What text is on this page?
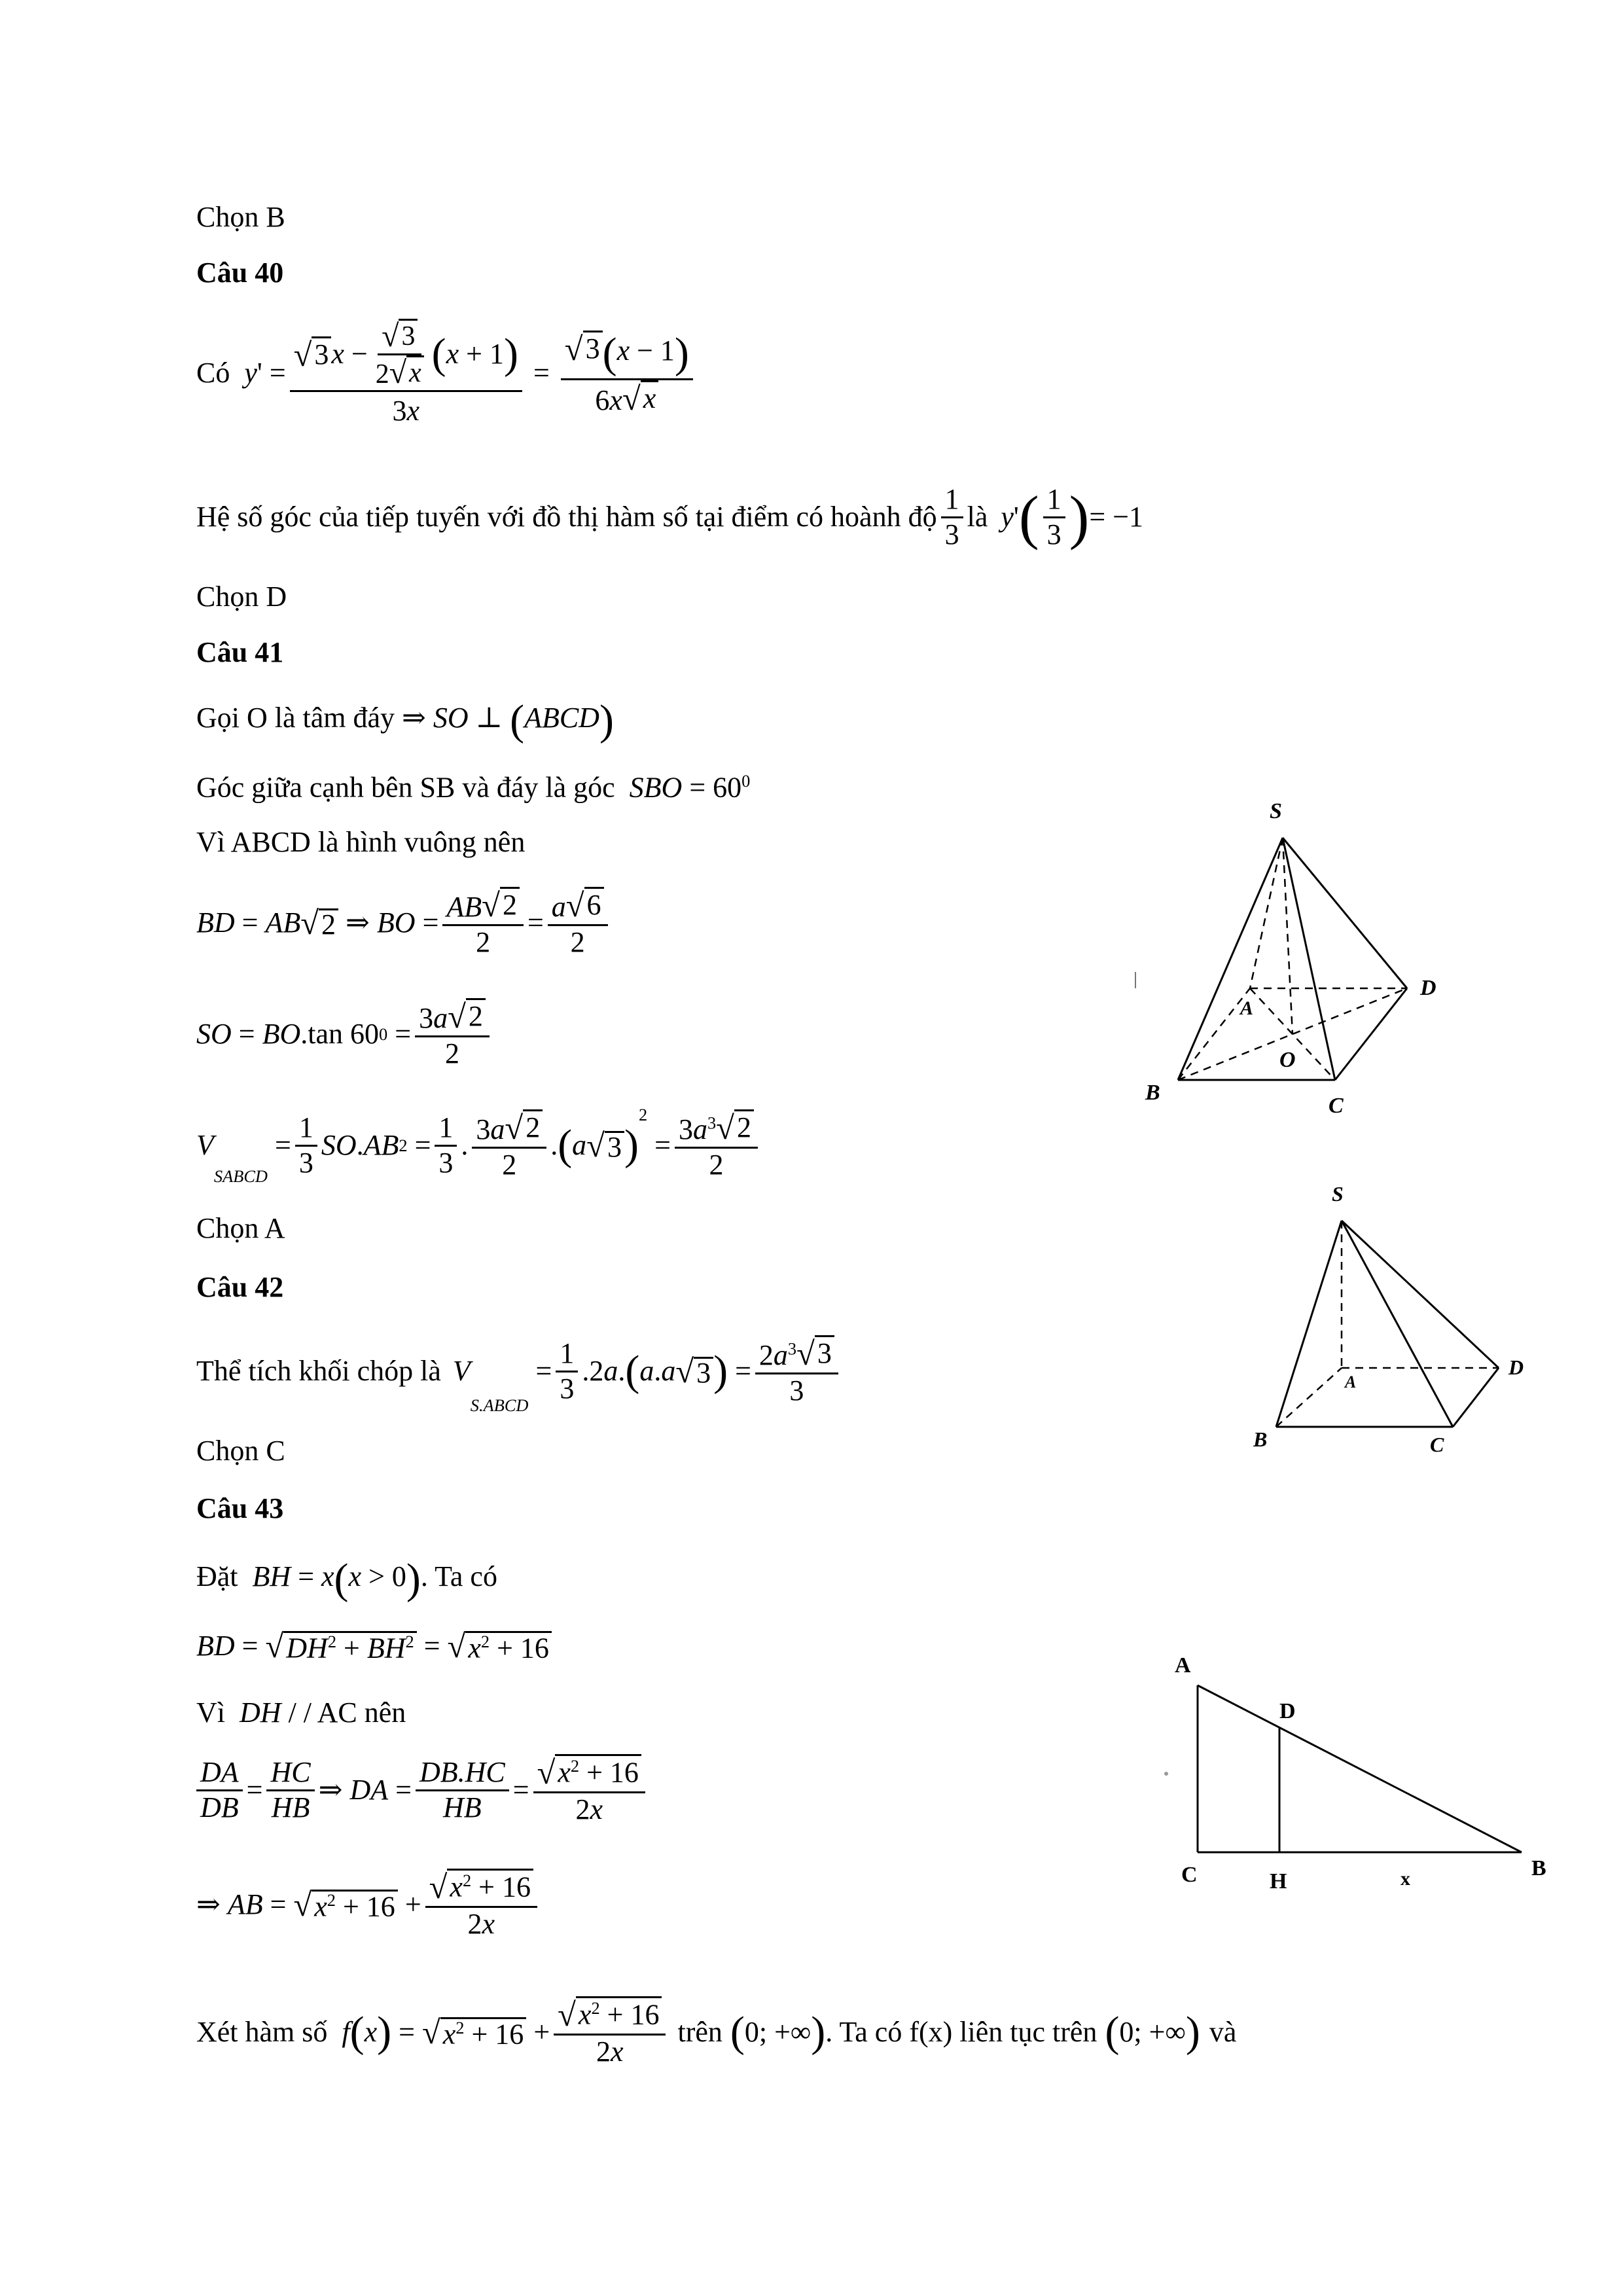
Chọn B
Câu 40
Có y ' = $\frac{√ 3 x - \frac{√ 3}{2 √ x} ( x + 1 )}{3x} = \frac{√ 3 (x - 1)}{6x √ x}$
Hệ số góc của tiếp tuyến với đồ thị hàm số tại điểm có hoành độ $\frac{1}{3}$ là y ' ( $\frac{1}{3}$ ) = −1
Chọn D
Câu 41
Gọi O là tâm đáy ⇒ SO ⊥ (ABCD)
Góc giữa cạnh bên SB và đáy là góc  SBO = $60^0$
Vì ABCD là hình vuông nên
BD = AB √ 2 ⇒ BO = $\frac{AB √ 2}{2} = \frac{a √ 6}{2}$
SO = BO .tan 60 $0 = \frac{3a √ 2}{2}$
V
SABCD
= $\frac{1}{3}$ SO . AB $2 = \frac{1}{3}$ . $\frac{3a √ 2}{2}$ . ( a √ 3 )
2
= $\frac{3a^3 √ 2}{2}$
Chọn A
S
A
B
C
D
O
Câu 42
Thể tích khối chóp là V
S.ABCD
= $\frac{1}{3} .2$ a . ( a . a √ 3 ) = $\frac{2a^3 √ 3}{3}$
Chọn C
S
A
B	C
D
Câu 43
Đặt  BH = x(x > 0). Ta có
BD = √ $DH^2 + BH^2$ = √ $x^2 + 16$
Vì  DH / / AC nên
$\frac{DA}{DB} = \frac{HC}{HB}$ ⇒ DA = $\frac{DB.HC}{HB} = \frac{√ x^2 + 16}{2x}$
⇒ AB = √ $x^2 + 16 + \frac{√ x^2 + 16}{2x}$
Xét hàm số f ( x ) = √ $x^2 + 16 + \frac{√ x^2 + 16}{2x}$ trên ( 0; +∞ ) . Ta có f(x) liên tục trên ( 0; +∞ ) và
A
D
C	H	x	B
